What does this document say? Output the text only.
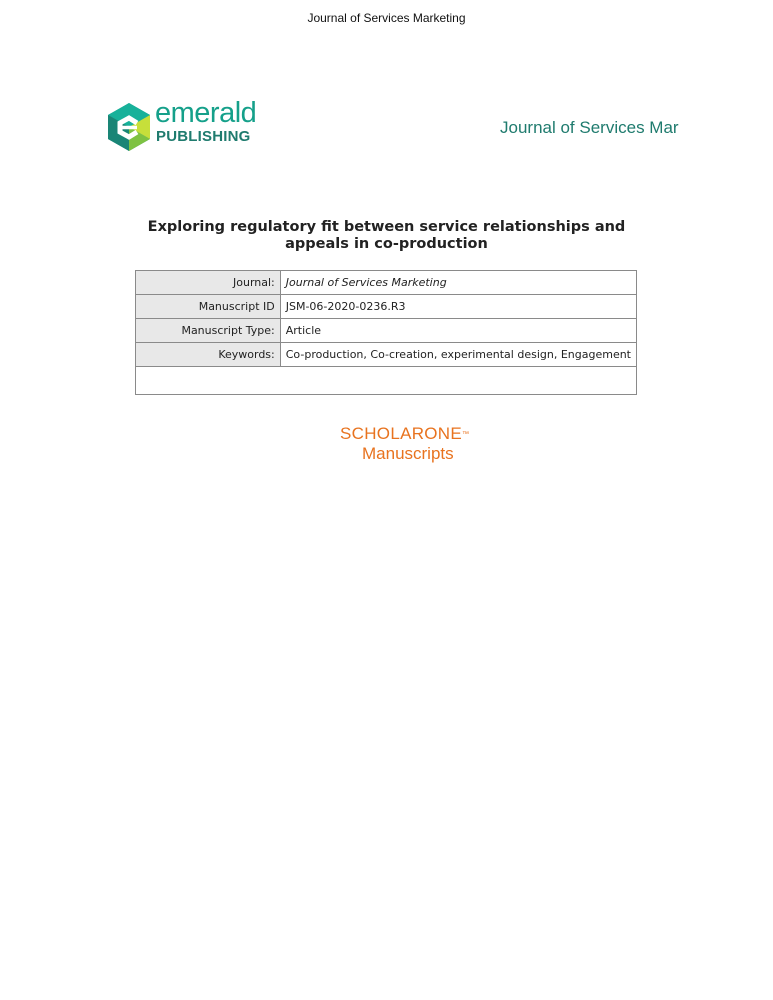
Journal of Services Marketing
emerald
PUBLISHING	Journal of Services Mar
Exploring regulatory fit between service relationships and appeals in co-production
Journal:	Journal of Services Marketing
Manuscript ID	JSM-06-2020-0236.R3
Manuscript Type:	Article
Keywords:	Co-production, Co-creation, experimental design, Engagement

SCHOLARONE™
Manuscripts
